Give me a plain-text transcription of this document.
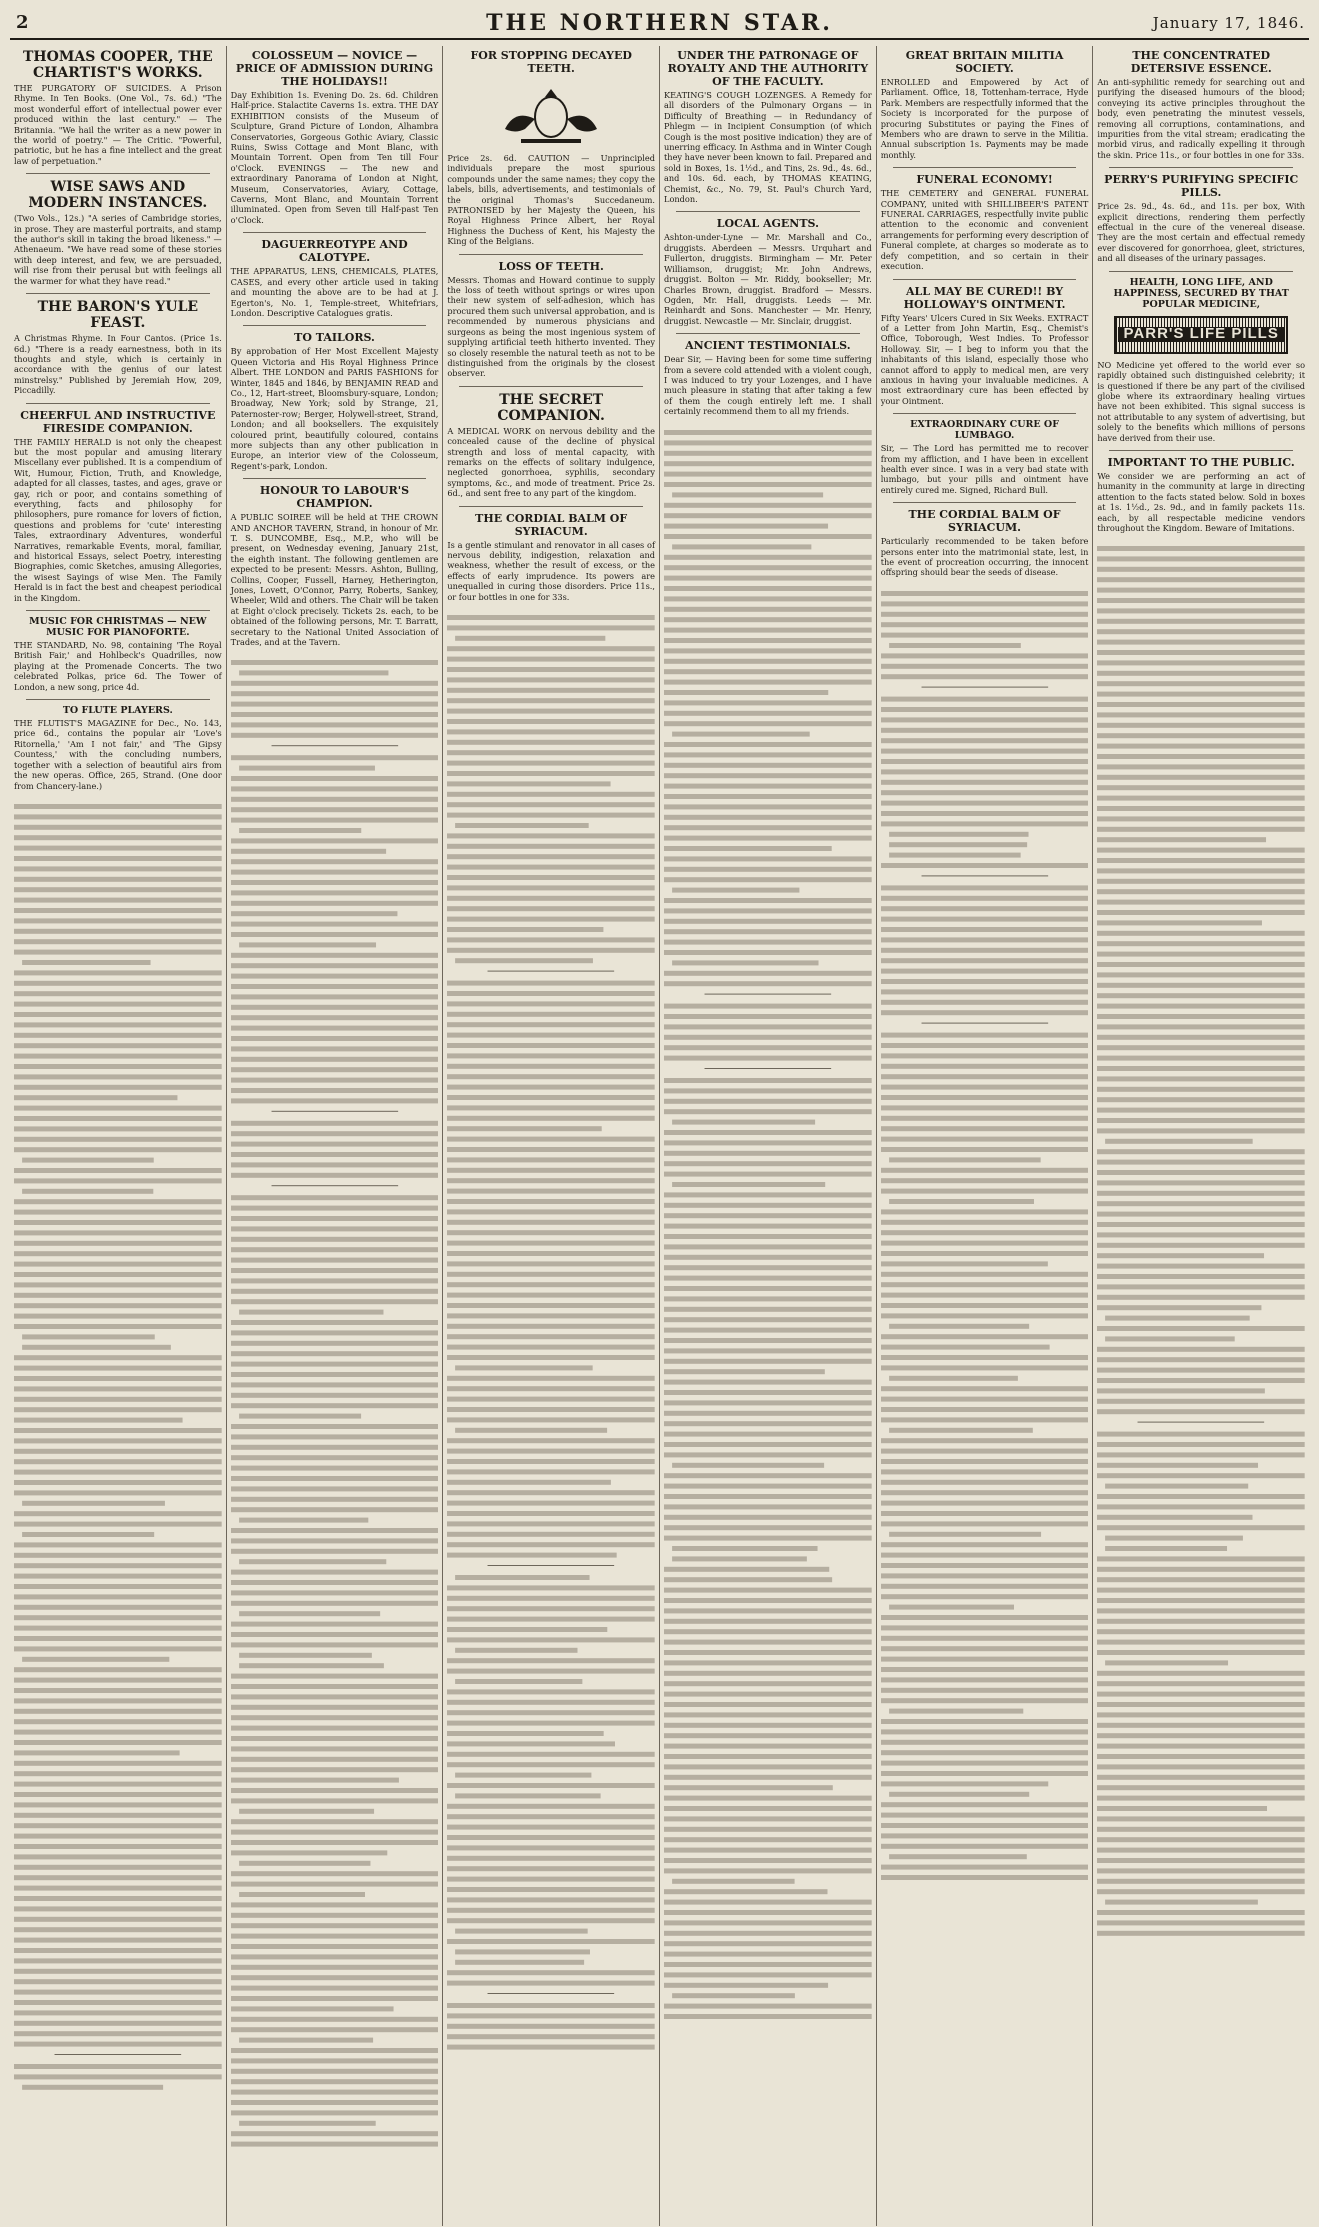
2	THE NORTHERN STAR.	January 17, 1846.
THOMAS COOPER, THE CHARTIST'S WORKS.
THE PURGATORY OF SUICIDES. A Prison Rhyme. In Ten Books. (One Vol., 7s. 6d.) "The most wonderful effort of intellectual power ever produced within the last century." — The Britannia. "We hail the writer as a new power in the world of poetry." — The Critic. "Powerful, patriotic, but he has a fine intellect and the great law of perpetuation."
WISE SAWS AND MODERN INSTANCES.
(Two Vols., 12s.) "A series of Cambridge stories, in prose. They are masterful portraits, and stamp the author's skill in taking the broad likeness." — Athenaeum. "We have read some of these stories with deep interest, and few, we are persuaded, will rise from their perusal but with feelings all the warmer for what they have read."
THE BARON'S YULE FEAST.
A Christmas Rhyme. In Four Cantos. (Price 1s. 6d.) "There is a ready earnestness, both in its thoughts and style, which is certainly in accordance with the genius of our latest minstrelsy." Published by Jeremiah How, 209, Piccadilly.
CHEERFUL AND INSTRUCTIVE FIRESIDE COMPANION.
THE FAMILY HERALD is not only the cheapest but the most popular and amusing literary Miscellany ever published. It is a compendium of Wit, Humour, Fiction, Truth, and Knowledge, adapted for all classes, tastes, and ages, grave or gay, rich or poor, and contains something of everything, facts and philosophy for philosophers, pure romance for lovers of fiction, questions and problems for 'cute' interesting Tales, extraordinary Adventures, wonderful Narratives, remarkable Events, moral, familiar, and historical Essays, select Poetry, interesting Biographies, comic Sketches, amusing Allegories, the wisest Sayings of wise Men. The Family Herald is in fact the best and cheapest periodical in the Kingdom.
MUSIC FOR CHRISTMAS — NEW MUSIC FOR PIANOFORTE.
THE STANDARD, No. 98, containing 'The Royal British Fair,' and Hohlbeck's Quadrilles, now playing at the Promenade Concerts. The two celebrated Polkas, price 6d. The Tower of London, a new song, price 4d.
TO FLUTE PLAYERS.
THE FLUTIST'S MAGAZINE for Dec., No. 143, price 6d., contains the popular air 'Love's Ritornella,' 'Am I not fair,' and 'The Gipsy Countess,' with the concluding numbers, together with a selection of beautiful airs from the new operas. Office, 265, Strand. (One door from Chancery-lane.)
COLOSSEUM — NOVICE — PRICE OF ADMISSION DURING THE HOLIDAYS!!
Day Exhibition 1s. Evening Do. 2s. 6d. Children Half-price. Stalactite Caverns 1s. extra. THE DAY EXHIBITION consists of the Museum of Sculpture, Grand Picture of London, Alhambra Conservatories, Gorgeous Gothic Aviary, Classic Ruins, Swiss Cottage and Mont Blanc, with Mountain Torrent. Open from Ten till Four o'Clock. EVENINGS — The new and extraordinary Panorama of London at Night, Museum, Conservatories, Aviary, Cottage, Caverns, Mont Blanc, and Mountain Torrent illuminated. Open from Seven till Half-past Ten o'Clock.
DAGUERREOTYPE AND CALOTYPE.
THE APPARATUS, LENS, CHEMICALS, PLATES, CASES, and every other article used in taking and mounting the above are to be had at J. Egerton's, No. 1, Temple-street, Whitefriars, London. Descriptive Catalogues gratis.
TO TAILORS.
By approbation of Her Most Excellent Majesty Queen Victoria and His Royal Highness Prince Albert. THE LONDON and PARIS FASHIONS for Winter, 1845 and 1846, by BENJAMIN READ and Co., 12, Hart-street, Bloomsbury-square, London; Broadway, New York; sold by Strange, 21, Paternoster-row; Berger, Holywell-street, Strand, London; and all booksellers. The exquisitely coloured print, beautifully coloured, contains more subjects than any other publication in Europe, an interior view of the Colosseum, Regent's-park, London.
HONOUR TO LABOUR'S CHAMPION.
A PUBLIC SOIREE will be held at THE CROWN AND ANCHOR TAVERN, Strand, in honour of Mr. T. S. DUNCOMBE, Esq., M.P., who will be present, on Wednesday evening, January 21st, the eighth instant. The following gentlemen are expected to be present: Messrs. Ashton, Bulling, Collins, Cooper, Fussell, Harney, Hetherington, Jones, Lovett, O'Connor, Parry, Roberts, Sankey, Wheeler, Wild and others. The Chair will be taken at Eight o'clock precisely. Tickets 2s. each, to be obtained of the following persons, Mr. T. Barratt, secretary to the National United Association of Trades, and at the Tavern.
FOR STOPPING DECAYED TEETH.
Price 2s. 6d. CAUTION — Unprincipled individuals prepare the most spurious compounds under the same names; they copy the labels, bills, advertisements, and testimonials of the original Thomas's Succedaneum. PATRONISED by her Majesty the Queen, his Royal Highness Prince Albert, her Royal Highness the Duchess of Kent, his Majesty the King of the Belgians.
LOSS OF TEETH.
Messrs. Thomas and Howard continue to supply the loss of teeth without springs or wires upon their new system of self-adhesion, which has procured them such universal approbation, and is recommended by numerous physicians and surgeons as being the most ingenious system of supplying artificial teeth hitherto invented. They so closely resemble the natural teeth as not to be distinguished from the originals by the closest observer.
THE SECRET COMPANION.
A MEDICAL WORK on nervous debility and the concealed cause of the decline of physical strength and loss of mental capacity, with remarks on the effects of solitary indulgence, neglected gonorrhoea, syphilis, secondary symptoms, &c., and mode of treatment. Price 2s. 6d., and sent free to any part of the kingdom.
THE CORDIAL BALM OF SYRIACUM.
Is a gentle stimulant and renovator in all cases of nervous debility, indigestion, relaxation and weakness, whether the result of excess, or the effects of early imprudence. Its powers are unequalled in curing those disorders. Price 11s., or four bottles in one for 33s.
UNDER THE PATRONAGE OF ROYALTY AND THE AUTHORITY OF THE FACULTY.
KEATING'S COUGH LOZENGES. A Remedy for all disorders of the Pulmonary Organs — in Difficulty of Breathing — in Redundancy of Phlegm — in Incipient Consumption (of which Cough is the most positive indication) they are of unerring efficacy. In Asthma and in Winter Cough they have never been known to fail. Prepared and sold in Boxes, 1s. 1½d., and Tins, 2s. 9d., 4s. 6d., and 10s. 6d. each, by THOMAS KEATING, Chemist, &c., No. 79, St. Paul's Church Yard, London.
LOCAL AGENTS.
Ashton-under-Lyne — Mr. Marshall and Co., druggists. Aberdeen — Messrs. Urquhart and Fullerton, druggists. Birmingham — Mr. Peter Williamson, druggist; Mr. John Andrews, druggist. Bolton — Mr. Riddy, bookseller; Mr. Charles Brown, druggist. Bradford — Messrs. Ogden, Mr. Hall, druggists. Leeds — Mr. Reinhardt and Sons. Manchester — Mr. Henry, druggist. Newcastle — Mr. Sinclair, druggist.
ANCIENT TESTIMONIALS.
Dear Sir, — Having been for some time suffering from a severe cold attended with a violent cough, I was induced to try your Lozenges, and I have much pleasure in stating that after taking a few of them the cough entirely left me. I shall certainly recommend them to all my friends.
GREAT BRITAIN MILITIA SOCIETY.
ENROLLED and Empowered by Act of Parliament. Office, 18, Tottenham-terrace, Hyde Park. Members are respectfully informed that the Society is incorporated for the purpose of procuring Substitutes or paying the Fines of Members who are drawn to serve in the Militia. Annual subscription 1s. Payments may be made monthly.
FUNERAL ECONOMY!
THE CEMETERY and GENERAL FUNERAL COMPANY, united with SHILLIBEER'S PATENT FUNERAL CARRIAGES, respectfully invite public attention to the economic and convenient arrangements for performing every description of Funeral complete, at charges so moderate as to defy competition, and so certain in their execution.
ALL MAY BE CURED!! BY HOLLOWAY'S OINTMENT.
Fifty Years' Ulcers Cured in Six Weeks. EXTRACT of a Letter from John Martin, Esq., Chemist's Office, Toborough, West Indies. To Professor Holloway. Sir, — I beg to inform you that the inhabitants of this island, especially those who cannot afford to apply to medical men, are very anxious in having your invaluable medicines. A most extraordinary cure has been effected by your Ointment.
EXTRAORDINARY CURE OF LUMBAGO.
Sir, — The Lord has permitted me to recover from my affliction, and I have been in excellent health ever since. I was in a very bad state with lumbago, but your pills and ointment have entirely cured me. Signed, Richard Bull.
THE CORDIAL BALM OF SYRIACUM.
Particularly recommended to be taken before persons enter into the matrimonial state, lest, in the event of procreation occurring, the innocent offspring should bear the seeds of disease.
THE CONCENTRATED DETERSIVE ESSENCE.
An anti-syphilitic remedy for searching out and purifying the diseased humours of the blood; conveying its active principles throughout the body, even penetrating the minutest vessels, removing all corruptions, contaminations, and impurities from the vital stream; eradicating the morbid virus, and radically expelling it through the skin. Price 11s., or four bottles in one for 33s.
PERRY'S PURIFYING SPECIFIC PILLS.
Price 2s. 9d., 4s. 6d., and 11s. per box, With explicit directions, rendering them perfectly effectual in the cure of the venereal disease. They are the most certain and effectual remedy ever discovered for gonorrhoea, gleet, strictures, and all diseases of the urinary passages.
HEALTH, LONG LIFE, AND HAPPINESS, SECURED BY THAT POPULAR MEDICINE,
PARR'S LIFE PILLS
NO Medicine yet offered to the world ever so rapidly obtained such distinguished celebrity; it is questioned if there be any part of the civilised globe where its extraordinary healing virtues have not been exhibited. This signal success is not attributable to any system of advertising, but solely to the benefits which millions of persons have derived from their use.
IMPORTANT TO THE PUBLIC.
We consider we are performing an act of humanity in the community at large in directing attention to the facts stated below. Sold in boxes at 1s. 1½d., 2s. 9d., and in family packets 11s. each, by all respectable medicine vendors throughout the Kingdom. Beware of Imitations.
